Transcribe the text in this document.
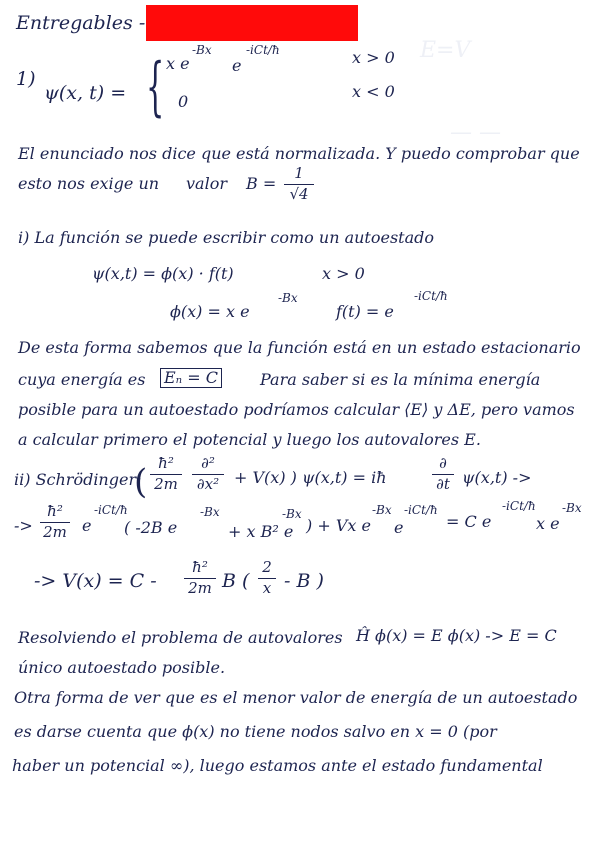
E=V
— —
Entregables -
1)
ψ(x, t) = { x e
-Bx
e
-iCt/ħ	x > 0
0
x < 0
El enunciado nos dice que está normalizada. Y puedo comprobar que
esto nos exige un valor B =
1
√4
i) La función se puede escribir como un autoestado
ψ(x,t) = ϕ(x) · f(t)	x > 0
ϕ(x) = x e
-Bx
f(t) = e
-iCt/ħ
De esta forma sabemos que la función está en un estado estacionario
cuya energía es Eₙ = C	Para saber si es la mínima energía
posible para un autoestado podríamos calcular ⟨E⟩ y ΔE, pero vamos
a calcular primero el potencial y luego los autovalores E.
ii) Schrödinger:
( ħ²
2m
∂²
∂x² + V(x) ) ψ(x,t) = iħ
∂
∂t ψ(x,t) ->
->
ħ²
2m e
-iCt/ħ
( -2B e
-Bx
+ x B² e
-Bx
) + Vx e
-Bx
e
-iCt/ħ
= C e
-iCt/ħ
x e
-Bx
-> V(x) = C -
ħ²
2m B (
2
x - B )
Resolviendo el problema de autovalores Ĥ ϕ(x) = E ϕ(x) -> E = C
único autoestado posible.
Otra forma de ver que es el menor valor de energía de un autoestado
es darse cuenta que ϕ(x) no tiene nodos salvo en x = 0 (por
haber un potencial ∞), luego estamos ante el estado fundamental
